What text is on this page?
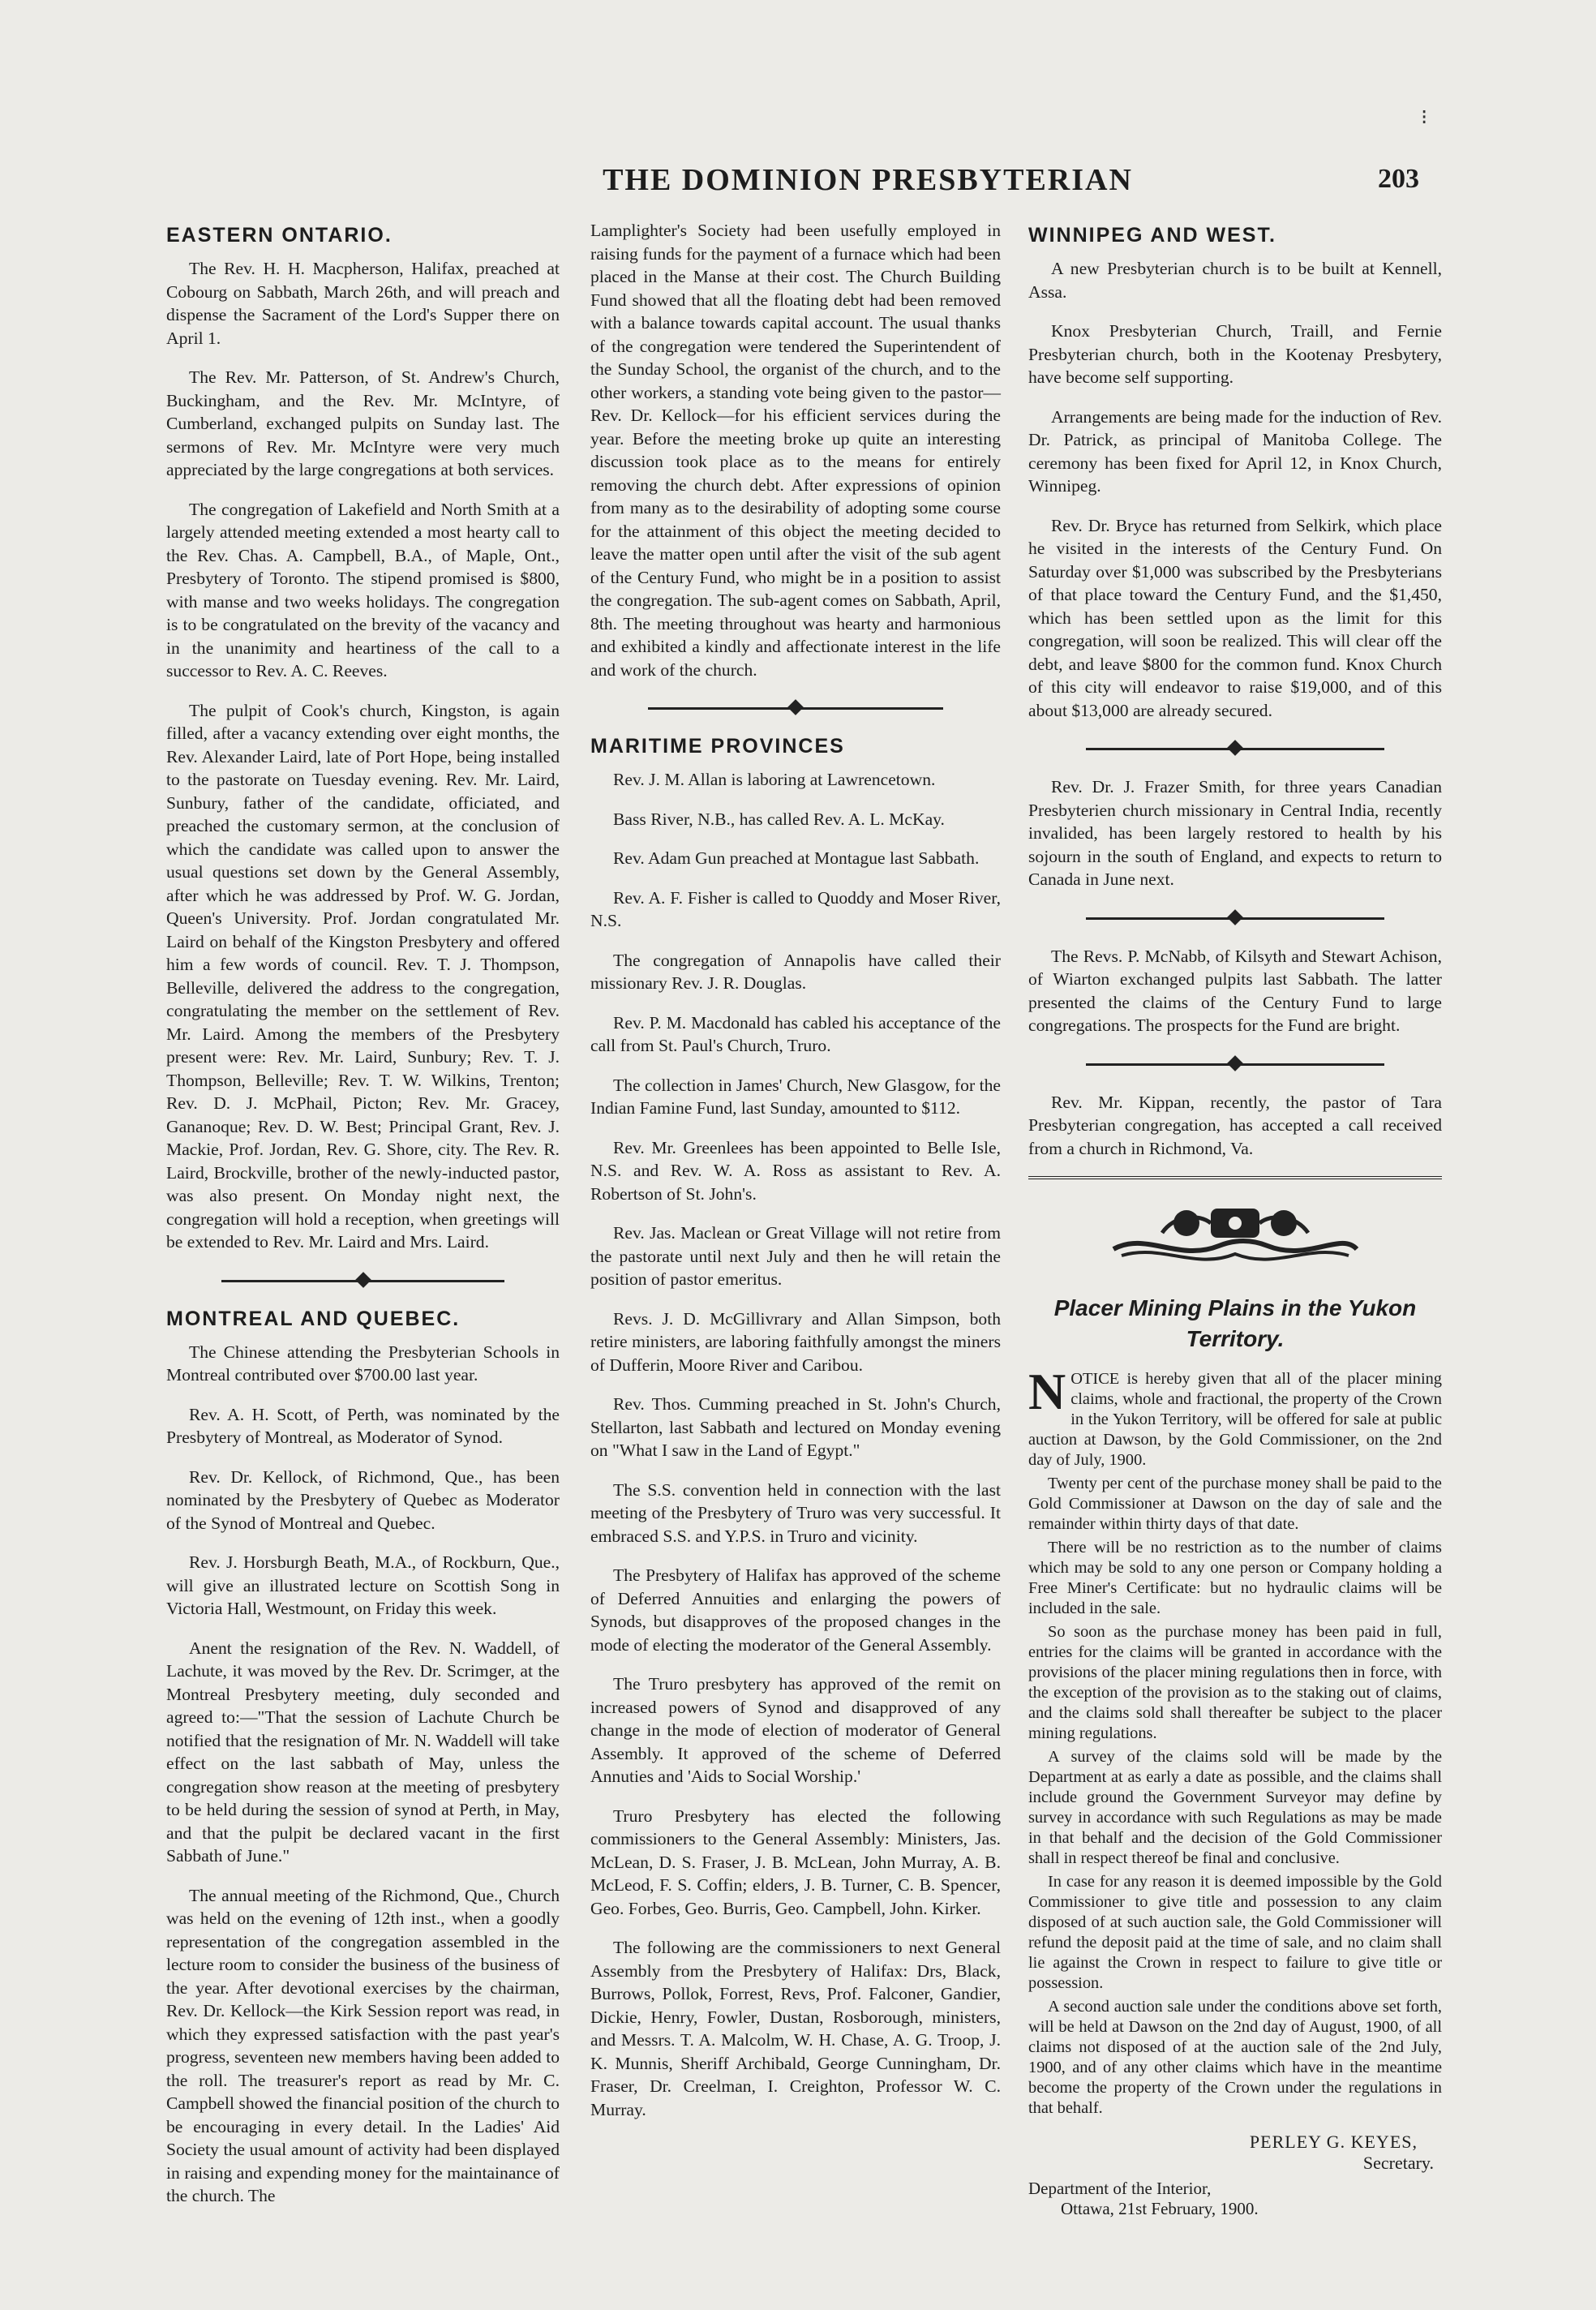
⁝
THE DOMINION PRESBYTERIAN	203
EASTERN ONTARIO.

The Rev. H. H. Macpherson, Halifax, preached at Cobourg on Sabbath, March 26th, and will preach and dispense the Sacrament of the Lord's Supper there on April 1.

The Rev. Mr. Patterson, of St. Andrew's Church, Buckingham, and the Rev. Mr. McIntyre, of Cumberland, exchanged pulpits on Sunday last. The sermons of Rev. Mr. McIntyre were very much appreciated by the large congregations at both services.

The congregation of Lakefield and North Smith at a largely attended meeting extended a most hearty call to the Rev. Chas. A. Campbell, B.A., of Maple, Ont., Presbytery of Toronto. The stipend promised is $800, with manse and two weeks holidays. The congregation is to be congratulated on the brevity of the vacancy and in the unanimity and heartiness of the call to a successor to Rev. A. C. Reeves.

The pulpit of Cook's church, Kingston, is again filled, after a vacancy extending over eight months, the Rev. Alexander Laird, late of Port Hope, being installed to the pastorate on Tuesday evening. Rev. Mr. Laird, Sunbury, father of the candidate, officiated, and preached the customary sermon, at the conclusion of which the candidate was called upon to answer the usual questions set down by the General Assembly, after which he was addressed by Prof. W. G. Jordan, Queen's University. Prof. Jordan congratulated Mr. Laird on behalf of the Kingston Presbytery and offered him a few words of council. Rev. T. J. Thompson, Belleville, delivered the address to the congregation, congratulating the member on the settlement of Rev. Mr. Laird. Among the members of the Presbytery present were: Rev. Mr. Laird, Sunbury; Rev. T. J. Thompson, Belleville; Rev. T. W. Wilkins, Trenton; Rev. D. J. McPhail, Picton; Rev. Mr. Gracey, Gananoque; Rev. D. W. Best; Principal Grant, Rev. J. Mackie, Prof. Jordan, Rev. G. Shore, city. The Rev. R. Laird, Brockville, brother of the newly-inducted pastor, was also present. On Monday night next, the congregation will hold a reception, when greetings will be extended to Rev. Mr. Laird and Mrs. Laird.

MONTREAL AND QUEBEC.

The Chinese attending the Presbyterian Schools in Montreal contributed over $700.00 last year.

Rev. A. H. Scott, of Perth, was nominated by the Presbytery of Montreal, as Moderator of Synod.

Rev. Dr. Kellock, of Richmond, Que., has been nominated by the Presbytery of Quebec as Moderator of the Synod of Montreal and Quebec.

Rev. J. Horsburgh Beath, M.A., of Rockburn, Que., will give an illustrated lecture on Scottish Song in Victoria Hall, Westmount, on Friday this week.

Anent the resignation of the Rev. N. Waddell, of Lachute, it was moved by the Rev. Dr. Scrimger, at the Montreal Presbytery meeting, duly seconded and agreed to:—"That the session of Lachute Church be notified that the resignation of Mr. N. Waddell will take effect on the last sabbath of May, unless the congregation show reason at the meeting of presbytery to be held during the session of synod at Perth, in May, and that the pulpit be declared vacant in the first Sabbath of June."

The annual meeting of the Richmond, Que., Church was held on the evening of 12th inst., when a goodly representation of the congregation assembled in the lecture room to consider the business of the business of the year. After devotional exercises by the chairman, Rev. Dr. Kellock—the Kirk Session report was read, in which they expressed satisfaction with the past year's progress, seventeen new members having been added to the roll. The treasurer's report as read by Mr. C. Campbell showed the financial position of the church to be encouraging in every detail. In the Ladies' Aid Society the usual amount of activity had been displayed in raising and expending money for the maintainance of the church. The

Lamplighter's Society had been usefully employed in raising funds for the payment of a furnace which had been placed in the Manse at their cost. The Church Building Fund showed that all the floating debt had been removed with a balance towards capital account. The usual thanks of the congregation were tendered the Superintendent of the Sunday School, the organist of the church, and to the other workers, a standing vote being given to the pastor—Rev. Dr. Kellock—for his efficient services during the year. Before the meeting broke up quite an interesting discussion took place as to the means for entirely removing the church debt. After expressions of opinion from many as to the desirability of adopting some course for the attainment of this object the meeting decided to leave the matter open until after the visit of the sub agent of the Century Fund, who might be in a position to assist the congregation. The sub-agent comes on Sabbath, April, 8th. The meeting throughout was hearty and harmonious and exhibited a kindly and affectionate interest in the life and work of the church.

MARITIME PROVINCES

Rev. J. M. Allan is laboring at Lawrencetown.

Bass River, N.B., has called Rev. A. L. McKay.

Rev. Adam Gun preached at Montague last Sabbath.

Rev. A. F. Fisher is called to Quoddy and Moser River, N.S.

The congregation of Annapolis have called their missionary Rev. J. R. Douglas.

Rev. P. M. Macdonald has cabled his acceptance of the call from St. Paul's Church, Truro.

The collection in James' Church, New Glasgow, for the Indian Famine Fund, last Sunday, amounted to $112.

Rev. Mr. Greenlees has been appointed to Belle Isle, N.S. and Rev. W. A. Ross as assistant to Rev. A. Robertson of St. John's.

Rev. Jas. Maclean or Great Village will not retire from the pastorate until next July and then he will retain the position of pastor emeritus.

Revs. J. D. McGillivrary and Allan Simpson, both retire ministers, are laboring faithfully amongst the miners of Dufferin, Moore River and Caribou.

Rev. Thos. Cumming preached in St. John's Church, Stellarton, last Sabbath and lectured on Monday evening on "What I saw in the Land of Egypt."

The S.S. convention held in connection with the last meeting of the Presbytery of Truro was very successful. It embraced S.S. and Y.P.S. in Truro and vicinity.

The Presbytery of Halifax has approved of the scheme of Deferred Annuities and enlarging the powers of Synods, but disapproves of the proposed changes in the mode of electing the moderator of the General Assembly.

The Truro presbytery has approved of the remit on increased powers of Synod and disapproved of any change in the mode of election of moderator of General Assembly. It approved of the scheme of Deferred Annuties and 'Aids to Social Worship.'

Truro Presbytery has elected the following commissioners to the General Assembly: Ministers, Jas. McLean, D. S. Fraser, J. B. McLean, John Murray, A. B. McLeod, F. S. Coffin; elders, J. B. Turner, C. B. Spencer, Geo. Forbes, Geo. Burris, Geo. Campbell, John. Kirker.

The following are the commissioners to next General Assembly from the Presbytery of Halifax: Drs, Black, Burrows, Pollok, Forrest, Revs, Prof. Falconer, Gandier, Dickie, Henry, Fowler, Dustan, Rosborough, ministers, and Messrs. T. A. Malcolm, W. H. Chase, A. G. Troop, J. K. Munnis, Sheriff Archibald, George Cunningham, Dr. Fraser, Dr. Creelman, I. Creighton, Professor W. C. Murray.

WINNIPEG AND WEST.

A new Presbyterian church is to be built at Kennell, Assa.

Knox Presbyterian Church, Traill, and Fernie Presbyterian church, both in the Kootenay Presbytery, have become self supporting.

Arrangements are being made for the induction of Rev. Dr. Patrick, as principal of Manitoba College. The ceremony has been fixed for April 12, in Knox Church, Winnipeg.

Rev. Dr. Bryce has returned from Selkirk, which place he visited in the interests of the Century Fund. On Saturday over $1,000 was subscribed by the Presbyterians of that place toward the Century Fund, and the $1,450, which has been settled upon as the limit for this congregation, will soon be realized. This will clear off the debt, and leave $800 for the common fund. Knox Church of this city will endeavor to raise $19,000, and of this about $13,000 are already secured.

Rev. Dr. J. Frazer Smith, for three years Canadian Presbyterien church missionary in Central India, recently invalided, has been largely restored to health by his sojourn in the south of England, and expects to return to Canada in June next.

The Revs. P. McNabb, of Kilsyth and Stewart Achison, of Wiarton exchanged pulpits last Sabbath. The latter presented the claims of the Century Fund to large congregations. The prospects for the Fund are bright.

Rev. Mr. Kippan, recently, the pastor of Tara Presbyterian congregation, has accepted a call received from a church in Richmond, Va.

Placer Mining Plains in the Yukon Territory.

NOTICE is hereby given that all of the placer mining claims, whole and fractional, the property of the Crown in the Yukon Territory, will be offered for sale at public auction at Dawson, by the Gold Commissioner, on the 2nd day of July, 1900.

Twenty per cent of the purchase money shall be paid to the Gold Commissioner at Dawson on the day of sale and the remainder within thirty days of that date.

There will be no restriction as to the number of claims which may be sold to any one person or Company holding a Free Miner's Certificate: but no hydraulic claims will be included in the sale.

So soon as the purchase money has been paid in full, entries for the claims will be granted in accordance with the provisions of the placer mining regulations then in force, with the exception of the provision as to the staking out of claims, and the claims sold shall thereafter be subject to the placer mining regulations.

A survey of the claims sold will be made by the Department at as early a date as possible, and the claims shall include ground the Government Surveyor may define by survey in accordance with such Regulations as may be made in that behalf and the decision of the Gold Commissioner shall in respect thereof be final and conclusive.

In case for any reason it is deemed impossible by the Gold Commissioner to give title and possession to any claim disposed of at such auction sale, the Gold Commissioner will refund the deposit paid at the time of sale, and no claim shall lie against the Crown in respect to failure to give title or possession.

A second auction sale under the conditions above set forth, will be held at Dawson on the 2nd day of August, 1900, of all claims not disposed of at the auction sale of the 2nd July, 1900, and of any other claims which have in the meantime become the property of the Crown under the regulations in that behalf.

PERLEY G. KEYES,
Secretary.
Department of the Interior,
Ottawa, 21st February, 1900.
